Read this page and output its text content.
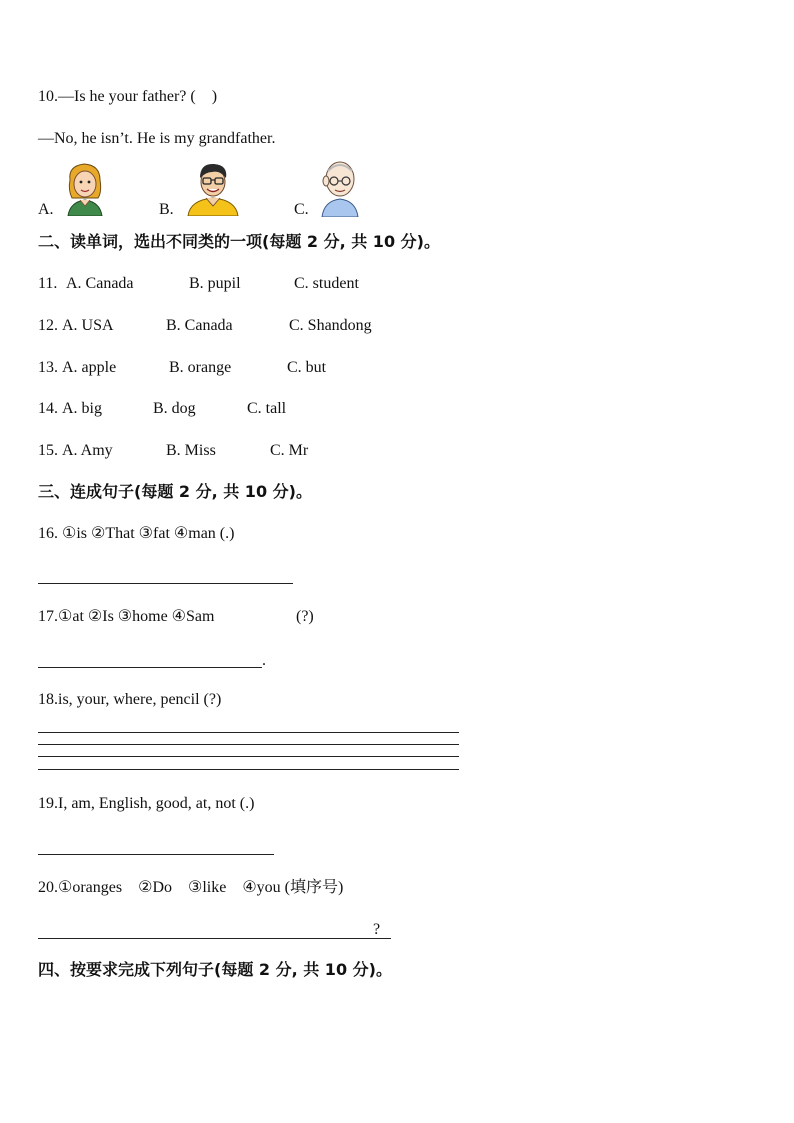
10.—Is he your father? (    )
—No, he isn’t. He is my grandfather.
A.	B.	C.
二、读单词，选出不同类的一项(每题 2 分, 共 10 分)。
11. A. Canada	B. pupil	C. student
12. A. USA	B. Canada	C. Shandong
13. A. apple	B. orange	C. but
14. A. big	B. dog	C. tall
15. A. Amy	B. Miss	C. Mr
三、连成句子(每题 2 分, 共 10 分)。
16. ①is ②That ③fat ④man (.)
17.①at ②Is ③home ④Sam	(?)
.
18.is, your, where, pencil (?)
19.I, am, English, good, at, not (.)
20.①oranges    ②Do    ③like    ④you (填序号)
?
四、按要求完成下列句子(每题 2 分, 共 10 分)。
